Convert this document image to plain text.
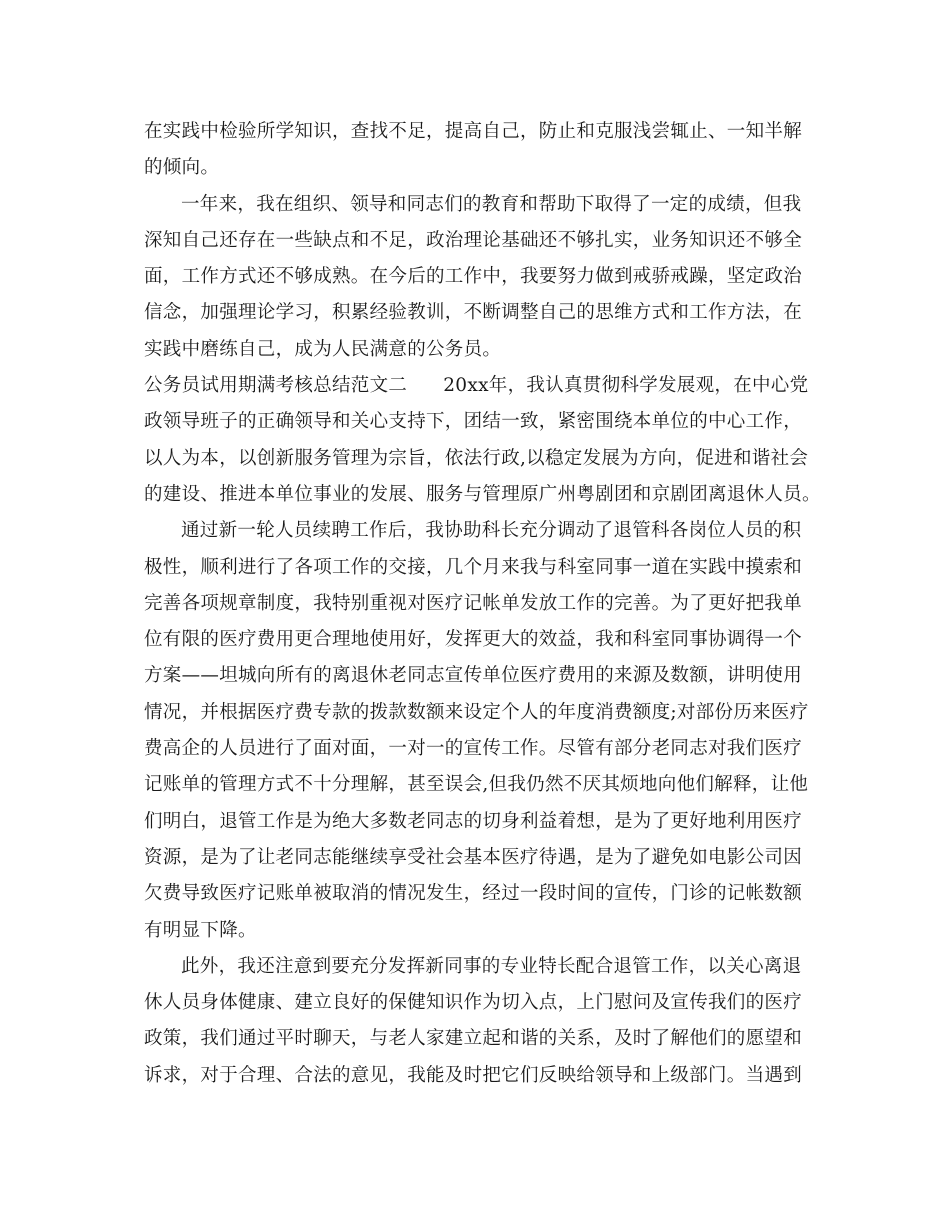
在实践中检验所学知识，查找不足，提高自己，防止和克服浅尝辄止、一知半解
的倾向。
一年来，我在组织、领导和同志们的教育和帮助下取得了一定的成绩，但我
深知自己还存在一些缺点和不足，政治理论基础还不够扎实，业务知识还不够全
面，工作方式还不够成熟。在今后的工作中，我要努力做到戒骄戒躁，坚定政治
信念，加强理论学习，积累经验教训，不断调整自己的思维方式和工作方法，在
实践中磨练自己，成为人民满意的公务员。
公务员试用期满考核总结范文二 20xx年，我认真贯彻科学发展观，在中心党
政领导班子的正确领导和关心支持下，团结一致，紧密围绕本单位的中心工作，
以人为本，以创新服务管理为宗旨，依法行政,以稳定发展为方向，促进和谐社会
的建设、推进本单位事业的发展、服务与管理原广州粤剧团和京剧团离退休人员。
通过新一轮人员续聘工作后，我协助科长充分调动了退管科各岗位人员的积
极性，顺利进行了各项工作的交接，几个月来我与科室同事一道在实践中摸索和
完善各项规章制度，我特别重视对医疗记帐单发放工作的完善。为了更好把我单
位有限的医疗费用更合理地使用好，发挥更大的效益，我和科室同事协调得一个
方案——坦城向所有的离退休老同志宣传单位医疗费用的来源及数额，讲明使用
情况，并根据医疗费专款的拨款数额来设定个人的年度消费额度;对部份历来医疗
费高企的人员进行了面对面，一对一的宣传工作。尽管有部分老同志对我们医疗
记账单的管理方式不十分理解，甚至误会,但我仍然不厌其烦地向他们解释，让他
们明白，退管工作是为绝大多数老同志的切身利益着想，是为了更好地利用医疗
资源，是为了让老同志能继续享受社会基本医疗待遇，是为了避免如电影公司因
欠费导致医疗记账单被取消的情况发生，经过一段时间的宣传，门诊的记帐数额
有明显下降。
此外，我还注意到要充分发挥新同事的专业特长配合退管工作，以关心离退
休人员身体健康、建立良好的保健知识作为切入点，上门慰问及宣传我们的医疗
政策，我们通过平时聊天，与老人家建立起和谐的关系，及时了解他们的愿望和
诉求，对于合理、合法的意见，我能及时把它们反映给领导和上级部门。当遇到
